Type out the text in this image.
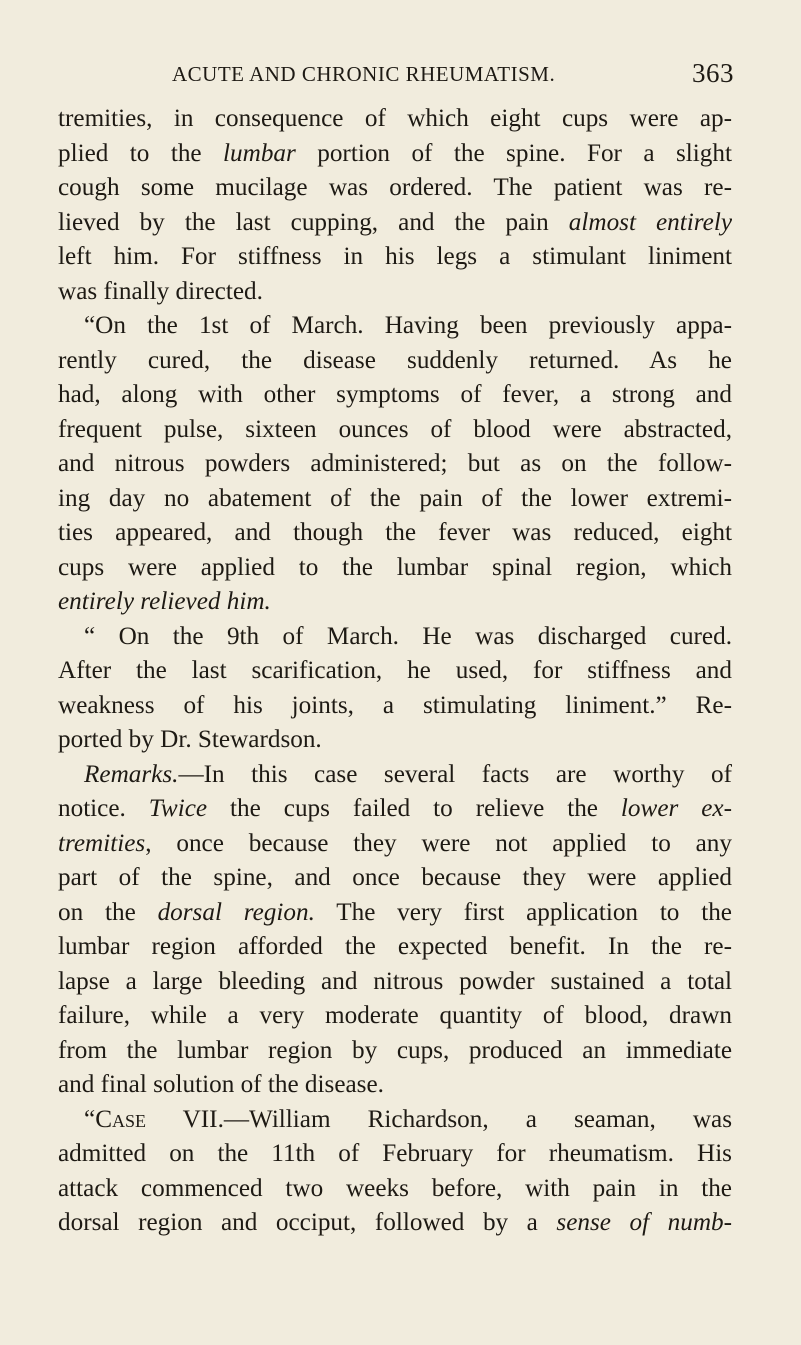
ACUTE AND CHRONIC RHEUMATISM.	363
tremities, in consequence of which eight cups were ap-
plied to the lumbar portion of the spine. For a slight
cough some mucilage was ordered. The patient was re-
lieved by the last cupping, and the pain almost entirely
left him. For stiffness in his legs a stimulant liniment
was finally directed.
“On the 1st of March. Having been previously appa-
rently cured, the disease suddenly returned. As he
had, along with other symptoms of fever, a strong and
frequent pulse, sixteen ounces of blood were abstracted,
and nitrous powders administered; but as on the follow-
ing day no abatement of the pain of the lower extremi-
ties appeared, and though the fever was reduced, eight
cups were applied to the lumbar spinal region, which
entirely relieved him.
“ On the 9th of March. He was discharged cured.
After the last scarification, he used, for stiffness and
weakness of his joints, a stimulating liniment.” Re-
ported by Dr. Stewardson.
Remarks.—In this case several facts are worthy of
notice. Twice the cups failed to relieve the lower ex-
tremities, once because they were not applied to any
part of the spine, and once because they were applied
on the dorsal region. The very first application to the
lumbar region afforded the expected benefit. In the re-
lapse a large bleeding and nitrous powder sustained a total
failure, while a very moderate quantity of blood, drawn
from the lumbar region by cups, produced an immediate
and final solution of the disease.
“Case VII.—William Richardson, a seaman, was
admitted on the 11th of February for rheumatism. His
attack commenced two weeks before, with pain in the
dorsal region and occiput, followed by a sense of numb-
